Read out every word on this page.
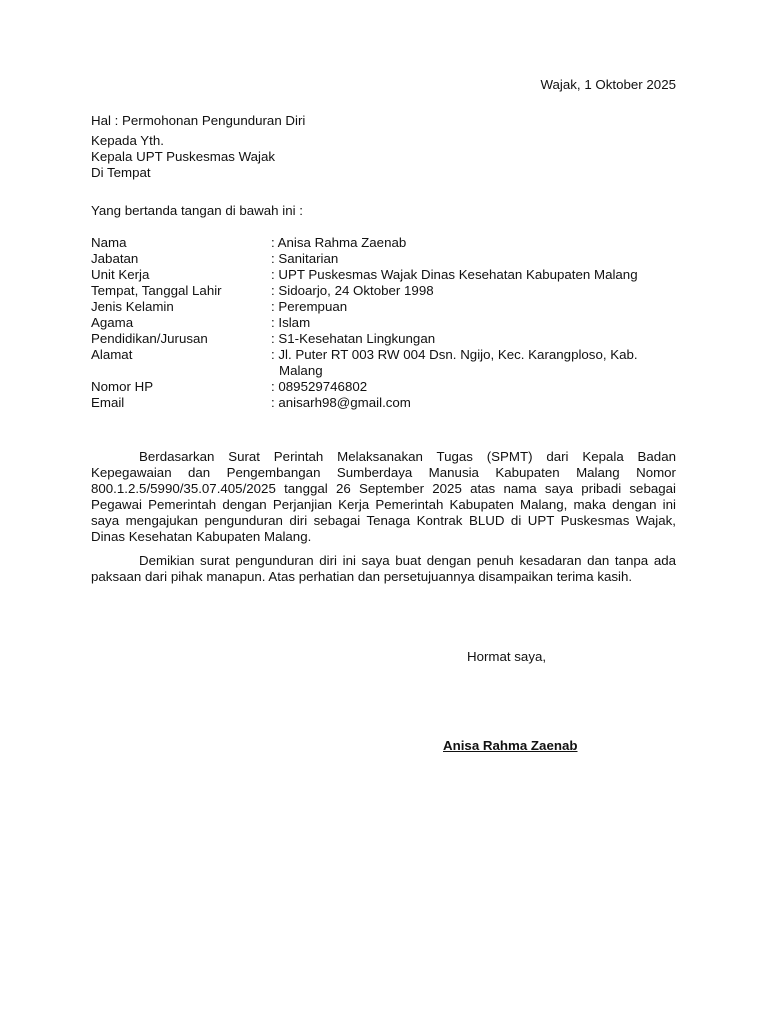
Wajak, 1 Oktober 2025
Hal : Permohonan Pengunduran Diri
Kepada Yth.
Kepala UPT Puskesmas Wajak
Di Tempat
Yang bertanda tangan di bawah ini :
Nama	: Anisa Rahma Zaenab
Jabatan	: Sanitarian
Unit Kerja	: UPT Puskesmas Wajak Dinas Kesehatan Kabupaten Malang
Tempat, Tanggal Lahir	: Sidoarjo, 24 Oktober 1998
Jenis Kelamin	: Perempuan
Agama	: Islam
Pendidikan/Jurusan	: S1-Kesehatan Lingkungan
Alamat	: Jl. Puter RT 003 RW 004 Dsn. Ngijo, Kec. Karangploso, Kab. Malang
Nomor HP	: 089529746802
Email	: anisarh98@gmail.com
Berdasarkan Surat Perintah Melaksanakan Tugas (SPMT) dari Kepala Badan Kepegawaian dan Pengembangan Sumberdaya Manusia Kabupaten Malang Nomor 800.1.2.5/5990/35.07.405/2025 tanggal 26 September 2025 atas nama saya pribadi sebagai Pegawai Pemerintah dengan Perjanjian Kerja Pemerintah Kabupaten Malang, maka dengan ini saya mengajukan pengunduran diri sebagai Tenaga Kontrak BLUD di UPT Puskesmas Wajak, Dinas Kesehatan Kabupaten Malang.
Demikian surat pengunduran diri ini saya buat dengan penuh kesadaran dan tanpa ada paksaan dari pihak manapun. Atas perhatian dan persetujuannya disampaikan terima kasih.
Hormat saya,
Anisa Rahma Zaenab
